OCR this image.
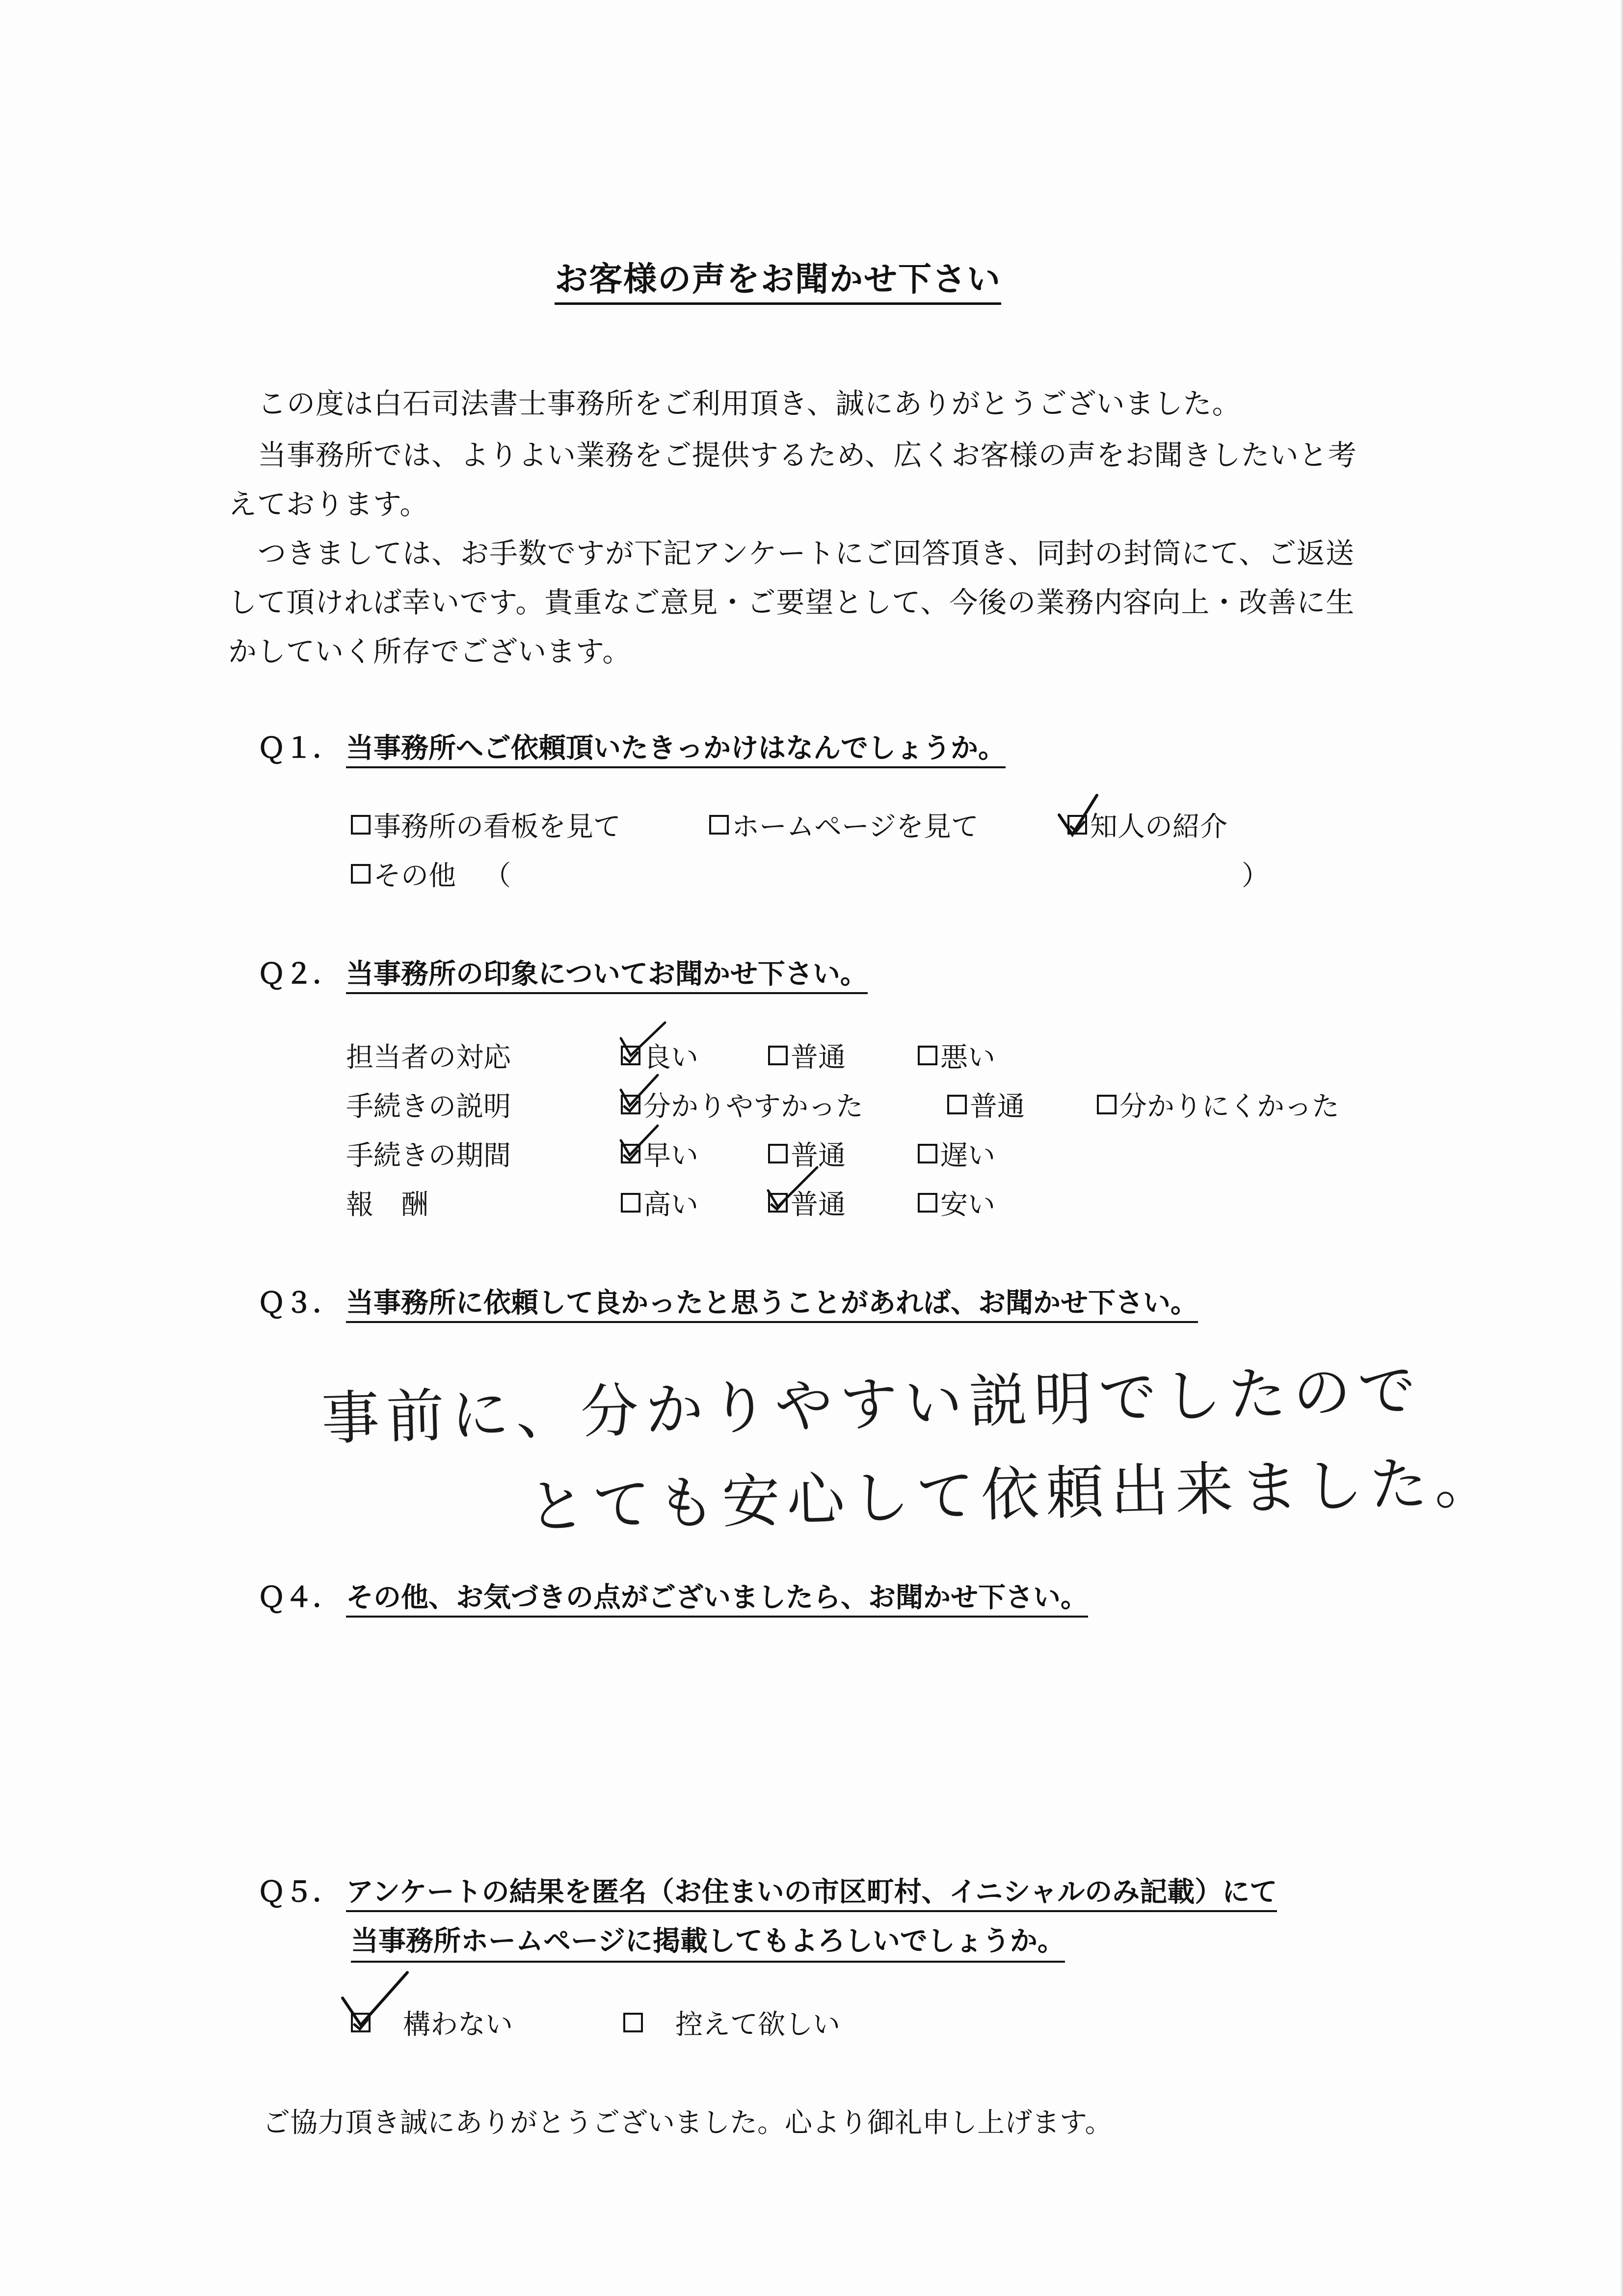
お客様の声をお聞かせ下さい
この度は白石司法書士事務所をご利用頂き、誠にありがとうございました。
当事務所では、よりよい業務をご提供するため、広くお客様の声をお聞きしたいと考
えております。
つきましては、お手数ですが下記アンケートにご回答頂き、同封の封筒にて、ご返送
して頂ければ幸いです。貴重なご意見・ご要望として、今後の業務内容向上・改善に生
かしていく所存でございます。
Ｑ１． 当事務所へご依頼頂いたきっかけはなんでしょうか。
事務所の看板を見て	ホームページを見て	知人の紹介
その他 （	）
Ｑ２． 当事務所の印象についてお聞かせ下さい。
担当者の対応	良い	普通	悪い
手続きの説明	分かりやすかった	普通	分かりにくかった
手続きの期間	早い	普通	遅い
報　酬	高い	普通	安い
Ｑ３． 当事務所に依頼して良かったと思うことがあれば、お聞かせ下さい。
事前に、分かりやすい説明でしたので
とても安心して依頼出来ました。
Ｑ４． その他、お気づきの点がございましたら、お聞かせ下さい。
Ｑ５． アンケートの結果を匿名（お住まいの市区町村、イニシャルのみ記載）にて
当事務所ホームページに掲載してもよろしいでしょうか。
構わない	控えて欲しい
ご協力頂き誠にありがとうございました。心より御礼申し上げます。
